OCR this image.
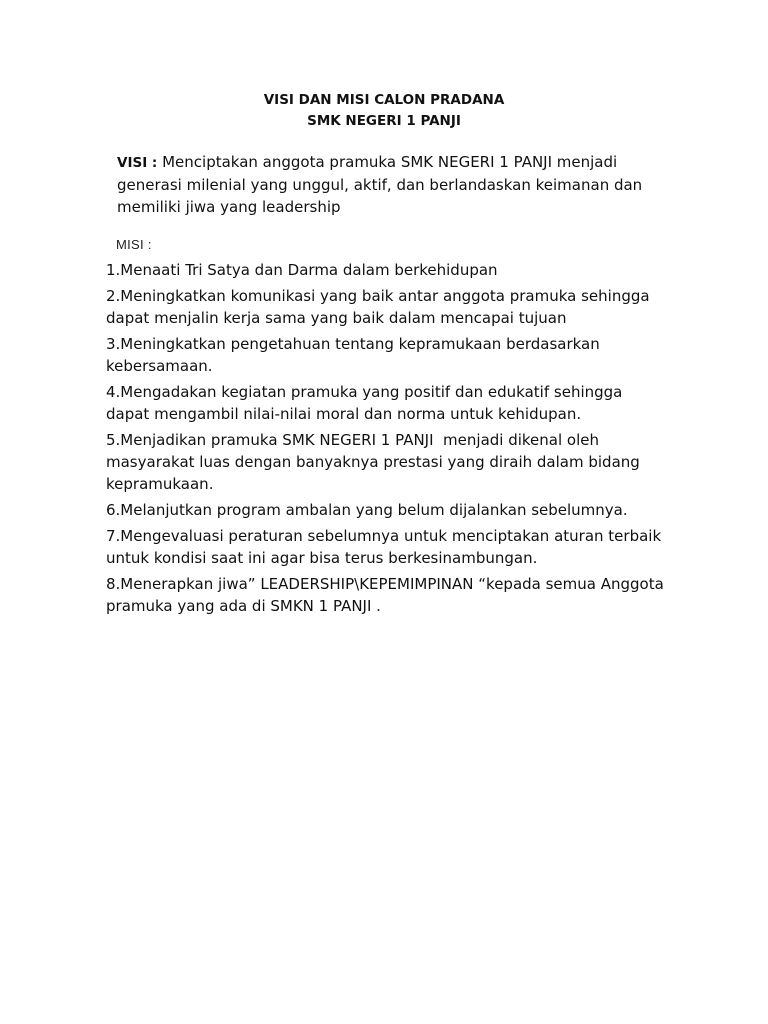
VISI DAN MISI CALON PRADANA
SMK NEGERI 1 PANJI
VISI : Menciptakan anggota pramuka SMK NEGERI 1 PANJI menjadi generasi milenial yang unggul, aktif, dan berlandaskan keimanan dan memiliki jiwa yang leadership
MISI :
1.Menaati Tri Satya dan Darma dalam berkehidupan
2.Meningkatkan komunikasi yang baik antar anggota pramuka sehingga dapat menjalin kerja sama yang baik dalam mencapai tujuan
3.Meningkatkan pengetahuan tentang kepramukaan berdasarkan kebersamaan.
4.Mengadakan kegiatan pramuka yang positif dan edukatif sehingga dapat mengambil nilai-nilai moral dan norma untuk kehidupan.
5.Menjadikan pramuka SMK NEGERI 1 PANJI  menjadi dikenal oleh masyarakat luas dengan banyaknya prestasi yang diraih dalam bidang kepramukaan.
6.Melanjutkan program ambalan yang belum dijalankan sebelumnya.
7.Mengevaluasi peraturan sebelumnya untuk menciptakan aturan terbaik untuk kondisi saat ini agar bisa terus berkesinambungan.
8.Menerapkan jiwa” LEADERSHIP\KEPEMIMPINAN “kepada semua Anggota pramuka yang ada di SMKN 1 PANJI .
